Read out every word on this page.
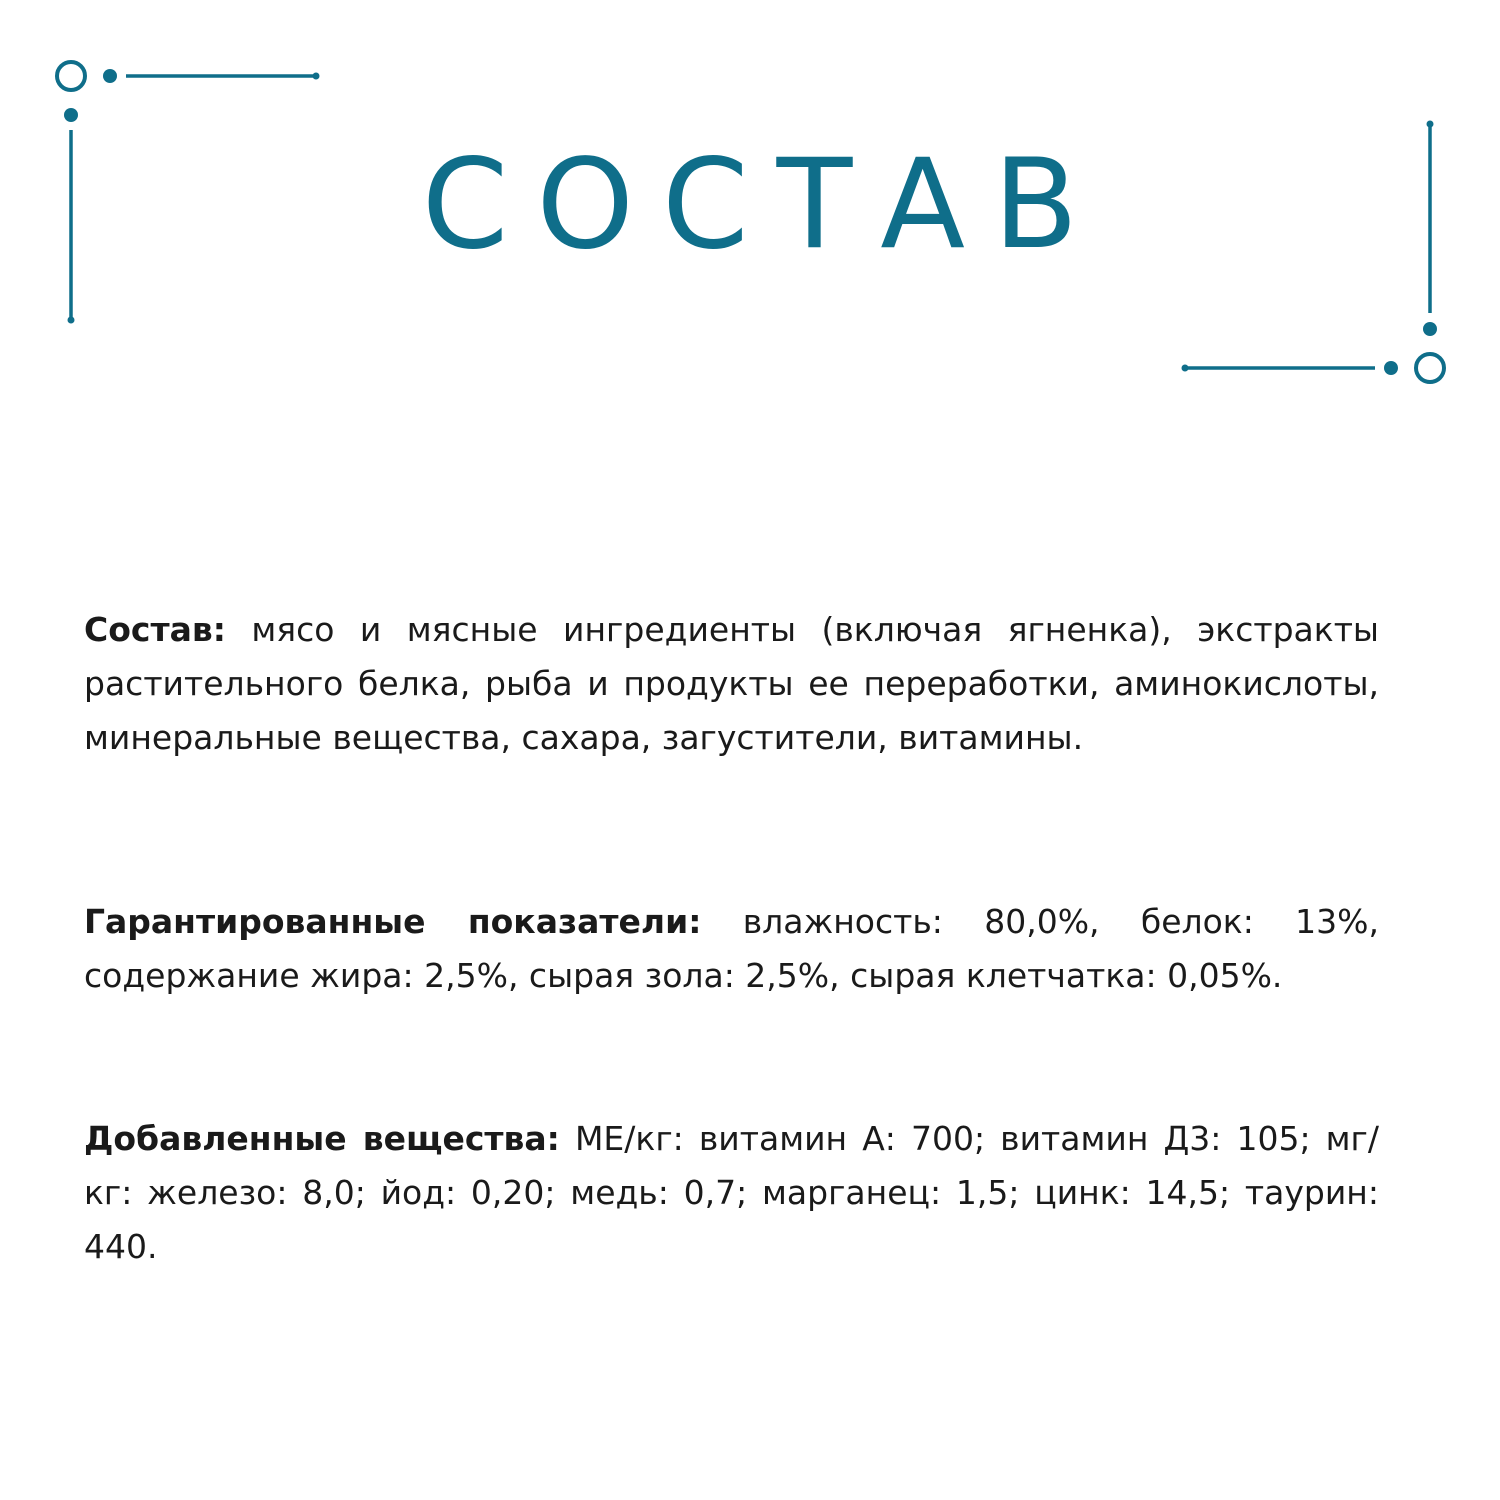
СОСТАВ

Состав: мясо и мясные ингредиенты (включая ягненка), экстракты растительного белка, рыба и продукты ее переработки, аминокислоты, минеральные вещества, сахара, загустители, витамины.

Гарантированные показатели: влажность: 80,0%, белок: 13%, содержание жира: 2,5%, сырая зола: 2,5%, сырая клетчатка: 0,05%.

Добавленные вещества: МЕ/кг: витамин А: 700; витамин Д3: 105; мг/кг: железо: 8,0; йод: 0,20; медь: 0,7; марганец: 1,5; цинк: 14,5; таурин: 440.
